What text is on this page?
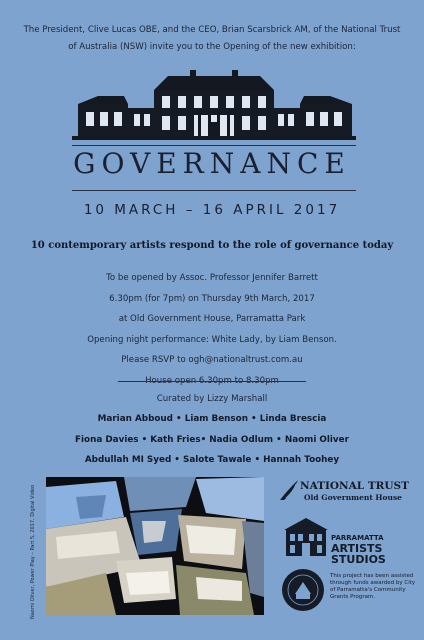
The President, Clive Lucas OBE, and the CEO, Brian Scarsbrick AM, of the National Trust
of Australia (NSW) invite you to the Opening of the new exhibition:
GOVERNANCE
10 MARCH – 16 APRIL 2017
10 contemporary artists respond to the role of governance today
To be opened by Assoc. Professor Jennifer Barrett
6.30pm (for 7pm) on Thursday 9th March, 2017
at Old Government House, Parramatta Park
Opening night performance: White Lady, by Liam Benson.
Please RSVP to ogh@nationaltrust.com.au
Curated by Lizzy Marshall
Marian Abboud • Liam Benson • Linda Brescia
Fiona Davies • Kath Fries• Nadia Odlum • Naomi Oliver
Abdullah MI Syed • Salote Tawale • Hannah Toohey
Naomi Oliver, Power Play – Part 5, 2017, Digital Video	NATIONAL TRUST
Old Government House
PARRAMATTA
ARTISTS
STUDIOS
This project has been assisted through funds awarded by City of Parramatta's Community Grants Program.
